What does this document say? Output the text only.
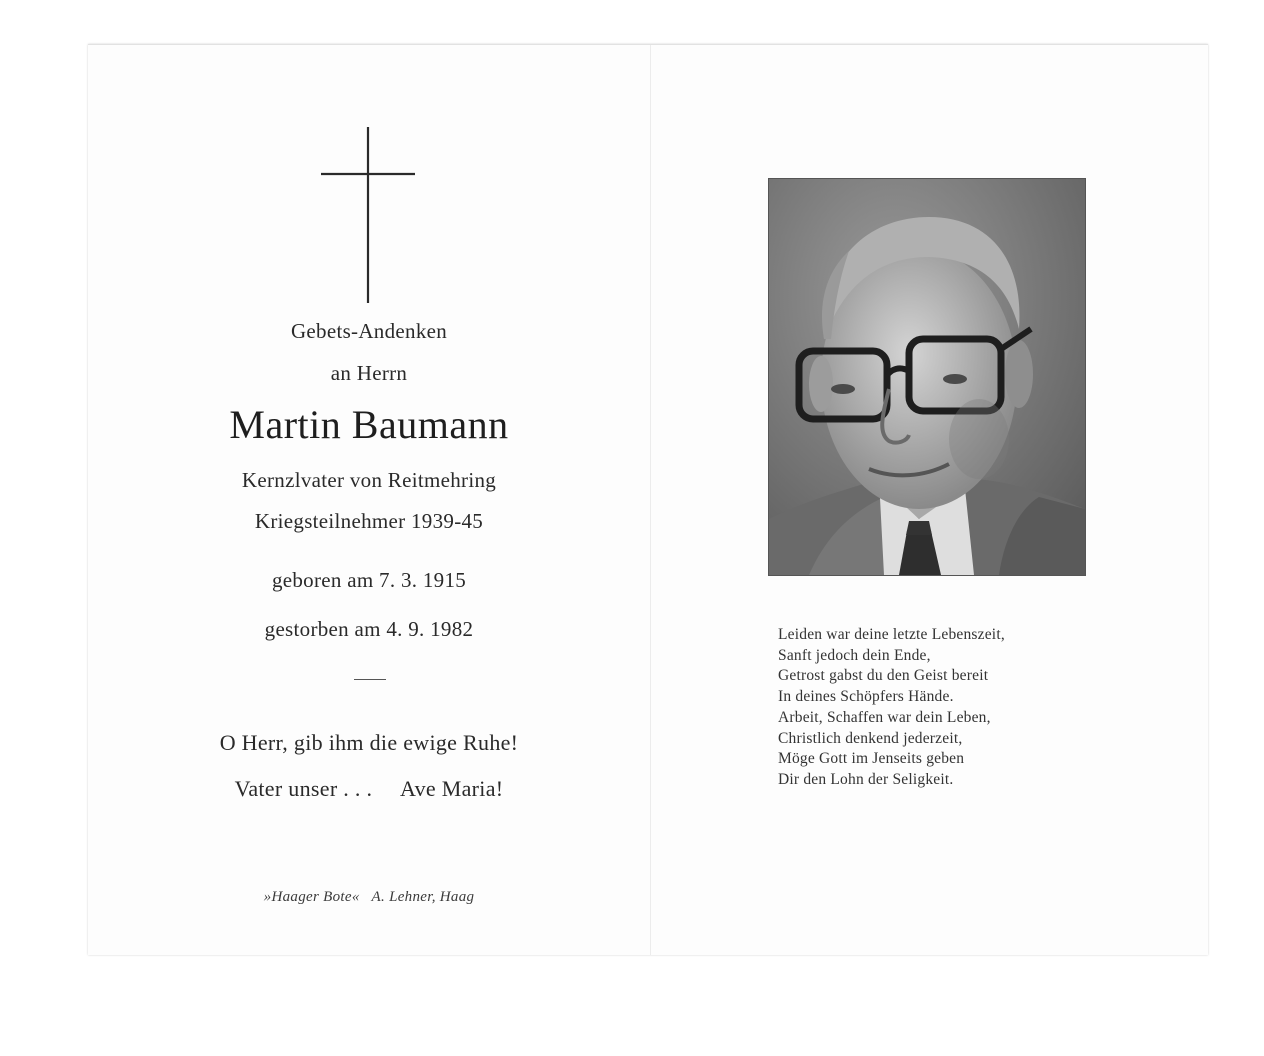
Gebets-Andenken
an Herrn
Martin Baumann
Kernzlvater von Reitmehring
Kriegsteilnehmer 1939-45
geboren am 7. 3. 1915
gestorben am 4. 9. 1982
O Herr, gib ihm die ewige Ruhe!
Vater unser . . .     Ave Maria!
»Haager Bote«   A. Lehner, Haag
Leiden war deine letzte Lebenszeit,
Sanft jedoch dein Ende,
Getrost gabst du den Geist bereit
In deines Schöpfers Hände.
Arbeit, Schaffen war dein Leben,
Christlich denkend jederzeit,
Möge Gott im Jenseits geben
Dir den Lohn der Seligkeit.
